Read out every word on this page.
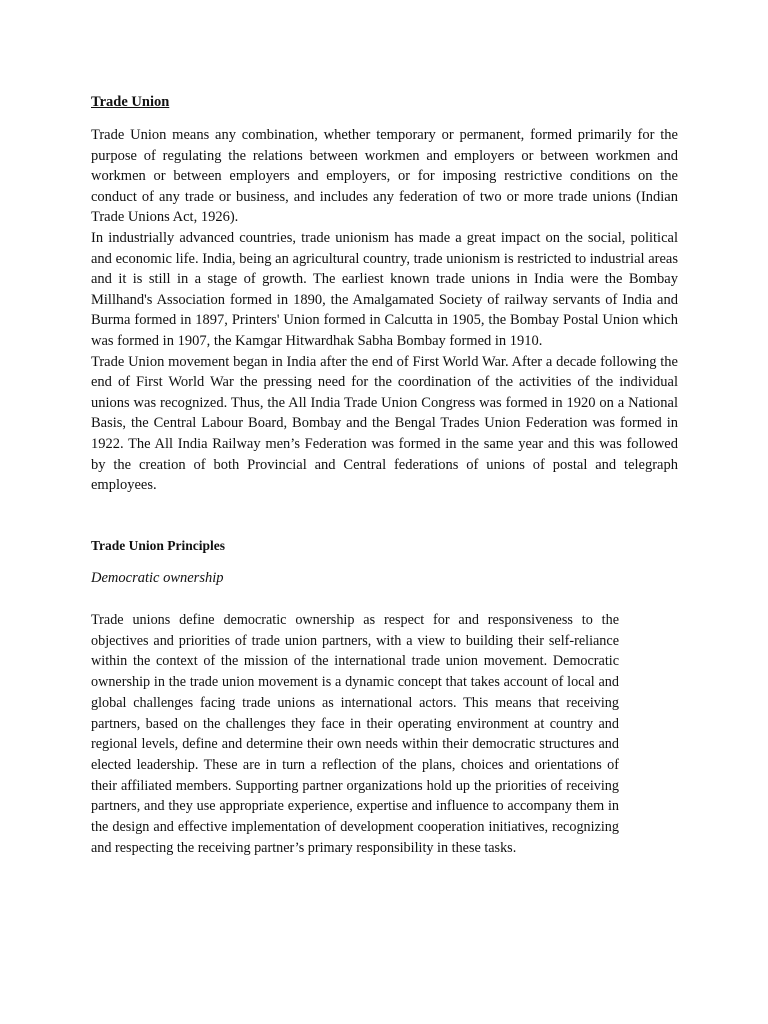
Trade Union

Trade Union means any combination, whether temporary or permanent, formed primarily for the purpose of regulating the relations between workmen and employers or between workmen and workmen or between employers and employers, or for imposing restrictive conditions on the conduct of any trade or business, and includes any federation of two or more trade unions (Indian Trade Unions Act, 1926).

In industrially advanced countries, trade unionism has made a great impact on the social, political and economic life. India, being an agricultural country, trade unionism is restricted to industrial areas and it is still in a stage of growth. The earliest known trade unions in India were the Bombay Millhand's Association formed in 1890, the Amalgamated Society of railway servants of India and Burma formed in 1897, Printers' Union formed in Calcutta in 1905, the Bombay Postal Union which was formed in 1907, the Kamgar Hitwardhak Sabha Bombay formed in 1910.

Trade Union movement began in India after the end of First World War. After a decade following the end of First World War the pressing need for the coordination of the activities of the individual unions was recognized. Thus, the All India Trade Union Congress was formed in 1920 on a National Basis, the Central Labour Board, Bombay and the Bengal Trades Union Federation was formed in 1922. The All India Railway men’s Federation was formed in the same year and this was followed by the creation of both Provincial and Central federations of unions of postal and telegraph employees.

Trade Union Principles
Democratic ownership

Trade unions define democratic ownership as respect for and responsiveness to the objectives and priorities of trade union partners, with a view to building their self-reliance within the context of the mission of the international trade union movement. Democratic ownership in the trade union movement is a dynamic concept that takes account of local and global challenges facing trade unions as international actors. This means that receiving partners, based on the challenges they face in their operating environment at country and regional levels, define and determine their own needs within their democratic structures and elected leadership. These are in turn a reflection of the plans, choices and orientations of their affiliated members. Supporting partner organizations hold up the priorities of receiving partners, and they use appropriate experience, expertise and influence to accompany them in the design and effective implementation of development cooperation initiatives, recognizing and respecting the receiving partner’s primary responsibility in these tasks.
